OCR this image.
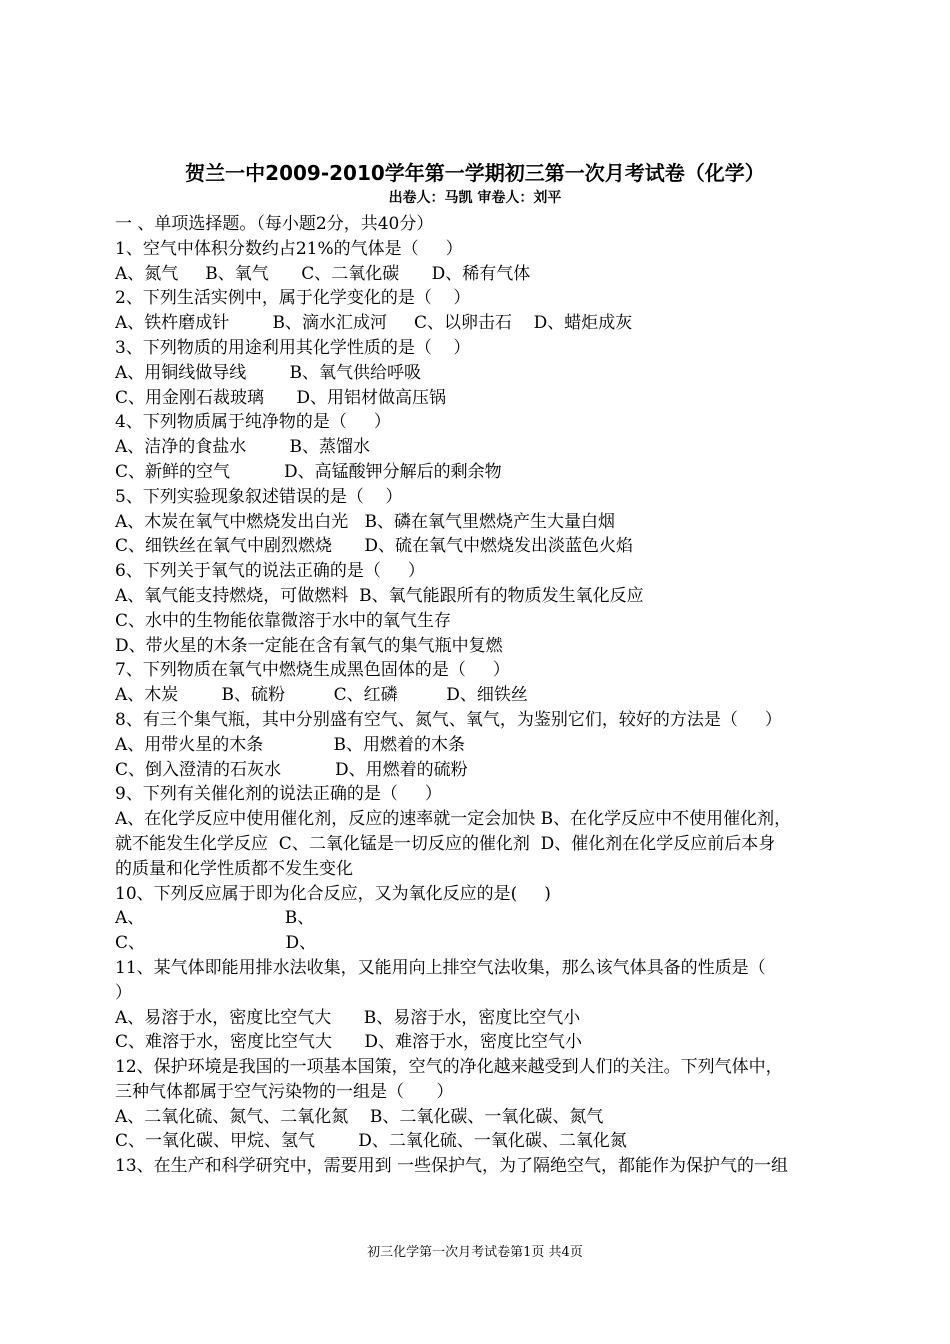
贺兰一中2009-2010学年第一学期初三第一次月考试卷（化学）
出卷人：马凯 审卷人：刘平
一 、单项选择题。（每小题2分，共40分）
1、空气中体积分数约占21%的气体是（     ）
A、氮气     B、氧气      C、二氧化碳      D、稀有气体
2、下列生活实例中，属于化学变化的是（    ）
A、铁杵磨成针        B、滴水汇成河     C、以卵击石    D、蜡炬成灰
3、下列物质的用途利用其化学性质的是（    ）
A、用铜线做导线        B、氧气供给呼吸
C、用金刚石裁玻璃      D、用铝材做高压锅
4、下列物质属于纯净物的是（     ）
A、洁净的食盐水        B、蒸馏水
C、新鲜的空气          D、高锰酸钾分解后的剩余物
5、下列实验现象叙述错误的是（    ）
A、木炭在氧气中燃烧发出白光   B、磷在氧气里燃烧产生大量白烟
C、细铁丝在氧气中剧烈燃烧      D、硫在氧气中燃烧发出淡蓝色火焰
6、下列关于氧气的说法正确的是（     ）
A、氧气能支持燃烧，可做燃料  B、氧气能跟所有的物质发生氧化反应
C、水中的生物能依靠微溶于水中的氧气生存
D、带火星的木条一定能在含有氧气的集气瓶中复燃
7、下列物质在氧气中燃烧生成黑色固体的是（     ）
A、木炭        B、硫粉         C、红磷         D、细铁丝
8、有三个集气瓶，其中分别盛有空气、氮气、氧气，为鉴别它们，较好的方法是（     ）
A、用带火星的木条             B、用燃着的木条
C、倒入澄清的石灰水          D、用燃着的硫粉
9、下列有关催化剂的说法正确的是（     ）
A、在化学反应中使用催化剂，反应的速率就一定会加快 B、在化学反应中不使用催化剂，
就不能发生化学反应  C、二氧化锰是一切反应的催化剂  D、催化剂在化学反应前后本身
的质量和化学性质都不发生变化
10、下列反应属于即为化合反应，又为氧化反应的是(     )
A、                          B、
C、                          D、
11、某气体即能用排水法收集，又能用向上排空气法收集，那么该气体具备的性质是（
）
A、易溶于水，密度比空气大      B、易溶于水，密度比空气小
C、难溶于水，密度比空气大      D、难溶于水，密度比空气小
12、保护环境是我国的一项基本国策，空气的净化越来越受到人们的关注。下列气体中，
三种气体都属于空气污染物的一组是（      ）
A、二氧化硫、氮气、二氧化氮    B、二氧化碳、一氧化碳、氮气
C、一氧化碳、甲烷、氢气        D、二氧化硫、一氧化碳、二氧化氮
13、在生产和科学研究中，需要用到 一些保护气，为了隔绝空气，都能作为保护气的一组
初三化学第一次月考试卷第1页 共4页
